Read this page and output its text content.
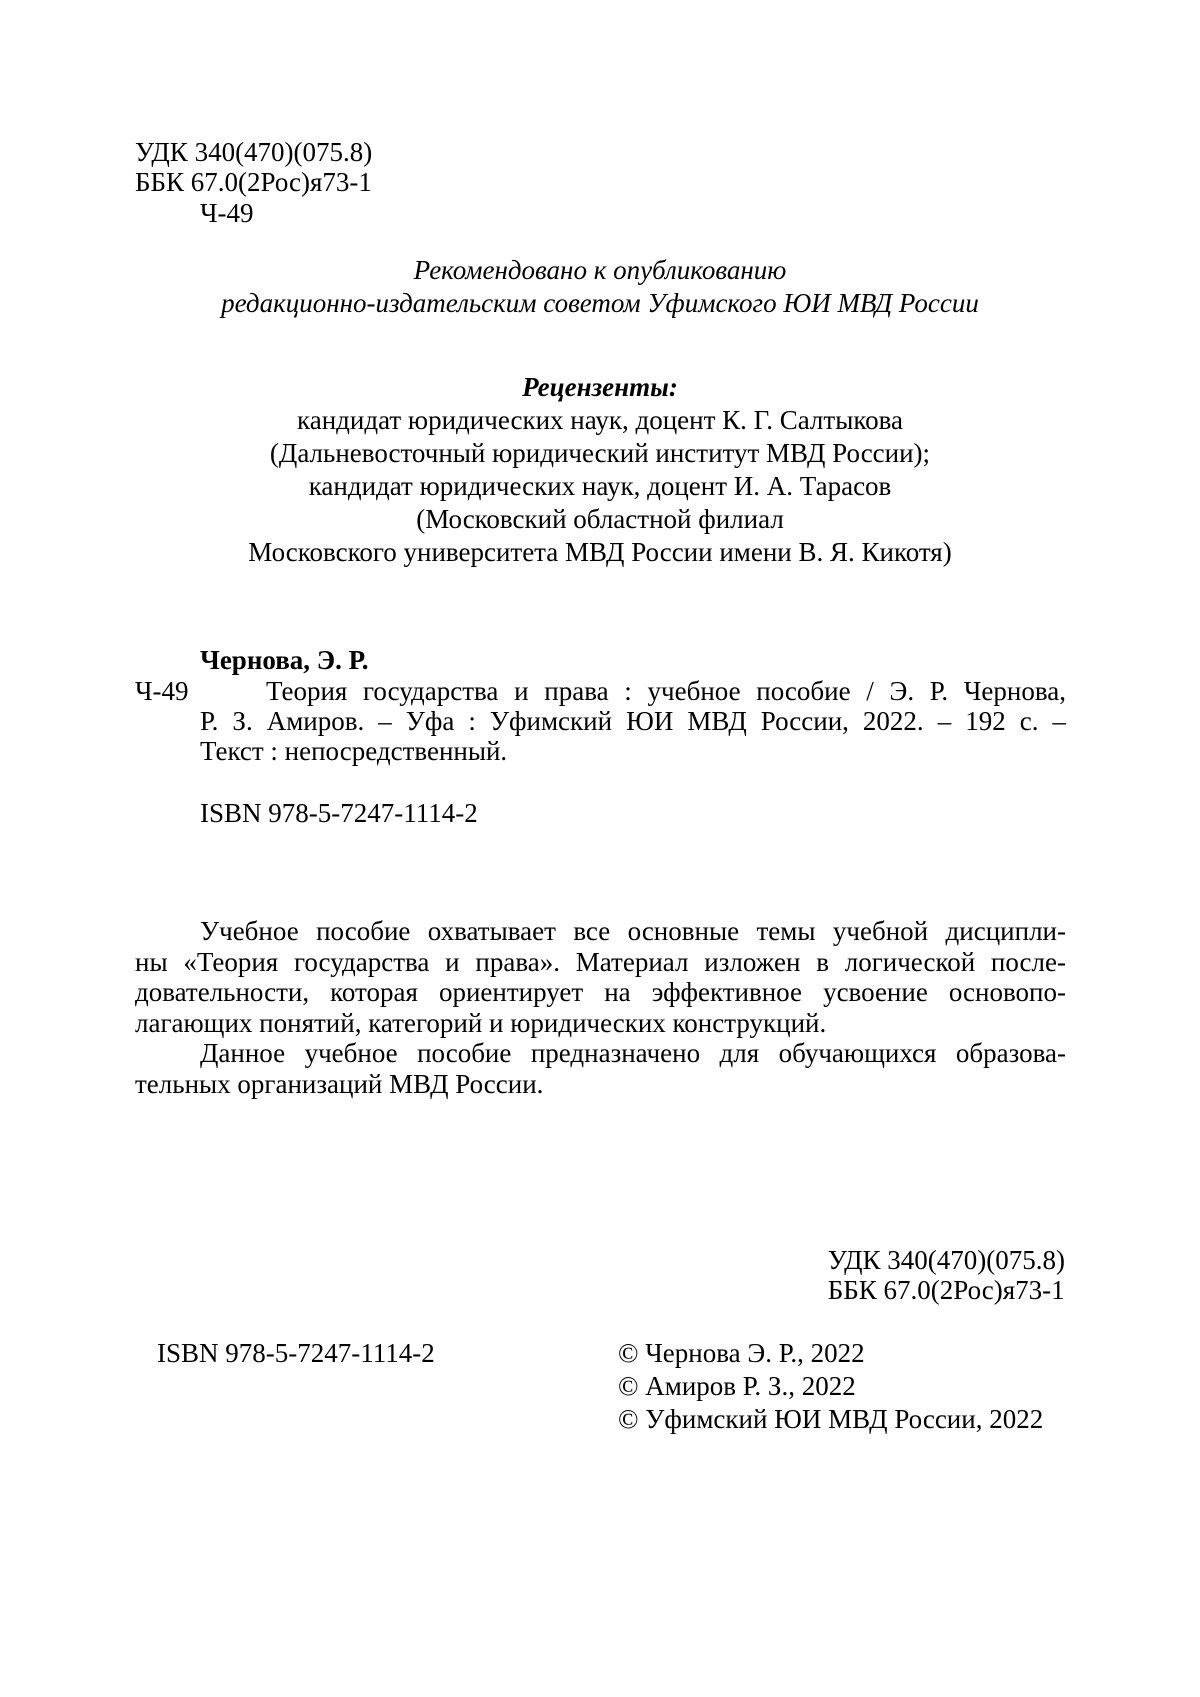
УДК 340(470)(075.8)
ББК 67.0(2Рос)я73-1
Ч-49
Рекомендовано к опубликованию
редакционно-издательским советом Уфимского ЮИ МВД России
Рецензенты:
кандидат юридических наук, доцент К. Г. Салтыкова
(Дальневосточный юридический институт МВД России);
кандидат юридических наук, доцент И. А. Тарасов
(Московский областной филиал
Московского университета МВД России имени В. Я. Кикотя)
Чернова, Э. Р.
Ч-49	Теория государства и права : учебное пособие / Э. Р. Чернова,
Р. З. Амиров. – Уфа : Уфимский ЮИ МВД России, 2022. – 192 с. –
Текст : непосредственный.
ISBN 978-5-7247-1114-2
Учебное пособие охватывает все основные темы учебной дисципли-
ны «Теория государства и права». Материал изложен в логической после-
довательности, которая ориентирует на эффективное усвоение основопо-
лагающих понятий, категорий и юридических конструкций.
Данное учебное пособие предназначено для обучающихся образова-
тельных организаций МВД России.
УДК 340(470)(075.8)
ББК 67.0(2Рос)я73-1
ISBN 978-5-7247-1114-2	© Чернова Э. Р., 2022
© Амиров Р. З., 2022
© Уфимский ЮИ МВД России, 2022
